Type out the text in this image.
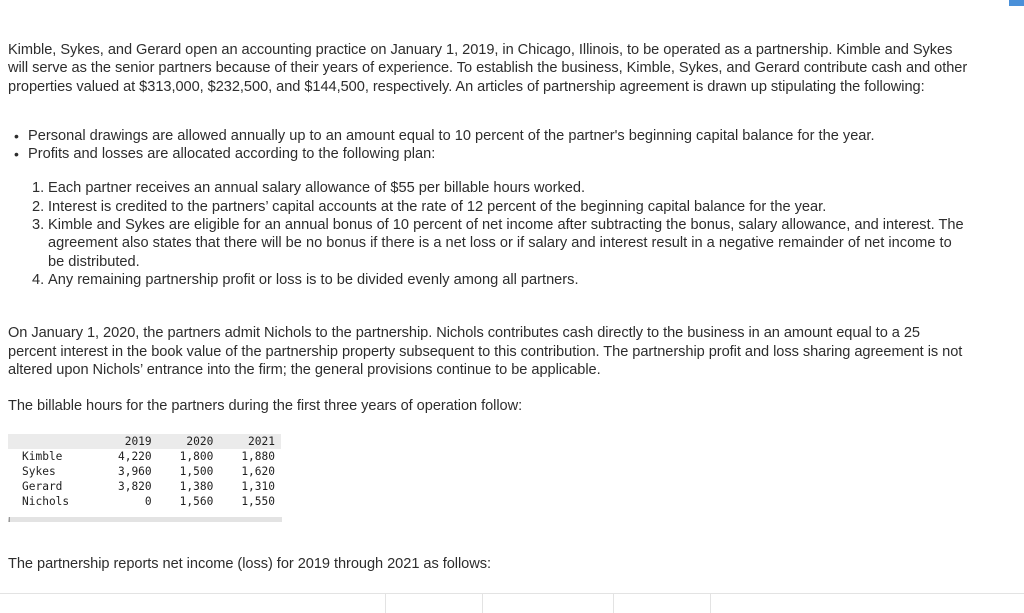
Kimble, Sykes, and Gerard open an accounting practice on January 1, 2019, in Chicago, Illinois, to be operated as a partnership. Kimble and Sykes will serve as the senior partners because of their years of experience. To establish the business, Kimble, Sykes, and Gerard contribute cash and other properties valued at $313,000, $232,500, and $144,500, respectively. An articles of partnership agreement is drawn up stipulating the following:

• Personal drawings are allowed annually up to an amount equal to 10 percent of the partner's beginning capital balance for the year.
• Profits and losses are allocated according to the following plan:
1. Each partner receives an annual salary allowance of $55 per billable hours worked.
2. Interest is credited to the partners’ capital accounts at the rate of 12 percent of the beginning capital balance for the year.
3. Kimble and Sykes are eligible for an annual bonus of 10 percent of net income after subtracting the bonus, salary allowance, and interest. The agreement also states that there will be no bonus if there is a net loss or if salary and interest result in a negative remainder of net income to be distributed.
4. Any remaining partnership profit or loss is to be divided evenly among all partners.

On January 1, 2020, the partners admit Nichols to the partnership. Nichols contributes cash directly to the business in an amount equal to a 25 percent interest in the book value of the partnership property subsequent to this contribution. The partnership profit and loss sharing agreement is not altered upon Nichols’ entrance into the firm; the general provisions continue to be applicable.

The billable hours for the partners during the first three years of operation follow:

	2019	2020	2021
Kimble	4,220	1,800	1,880
Sykes	3,960	1,500	1,620
Gerard	3,820	1,380	1,310
Nichols	0	1,560	1,550

The partnership reports net income (loss) for 2019 through 2021 as follows:
